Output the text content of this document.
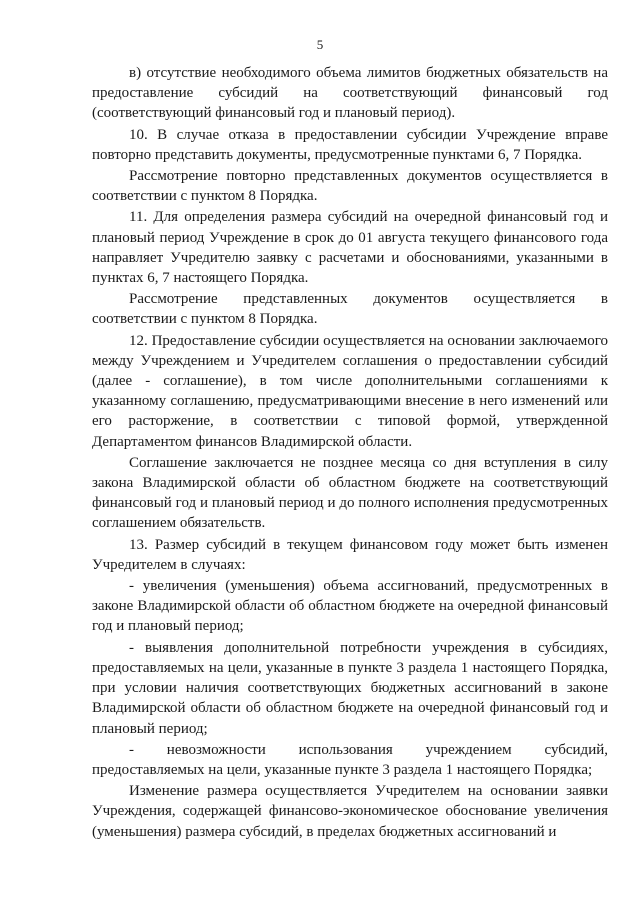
5

в) отсутствие необходимого объема лимитов бюджетных обязательств на предоставление субсидий на соответствующий финансовый год (соответствующий финансовый год и плановый период).

10. В случае отказа в предоставлении субсидии Учреждение вправе повторно представить документы, предусмотренные пунктами 6, 7 Порядка.

Рассмотрение повторно представленных документов осуществляется в соответствии с пунктом 8 Порядка.

11. Для определения размера субсидий на очередной финансовый год и плановый период Учреждение в срок до 01 августа текущего финансового года направляет Учредителю заявку с расчетами и обоснованиями, указанными в пунктах 6, 7 настоящего Порядка.

Рассмотрение представленных документов осуществляется в соответствии с пунктом 8 Порядка.

12. Предоставление субсидии осуществляется на основании заключаемого между Учреждением и Учредителем соглашения о предоставлении субсидий (далее - соглашение), в том числе дополнительными соглашениями к указанному соглашению, предусматривающими внесение в него изменений или его расторжение, в соответствии с типовой формой, утвержденной Департаментом финансов Владимирской области.

Соглашение заключается не позднее месяца со дня вступления в силу закона Владимирской области об областном бюджете на соответствующий финансовый год и плановый период и до полного исполнения предусмотренных соглашением обязательств.

13. Размер субсидий в текущем финансовом году может быть изменен Учредителем в случаях:

- увеличения (уменьшения) объема ассигнований, предусмотренных в законе Владимирской области об областном бюджете на очередной финансовый год и плановый период;

- выявления дополнительной потребности учреждения в субсидиях, предоставляемых на цели, указанные в пункте 3 раздела 1 настоящего Порядка, при условии наличия соответствующих бюджетных ассигнований в законе Владимирской области об областном бюджете на очередной финансовый год и плановый период;

- невозможности использования учреждением субсидий, предоставляемых на цели, указанные пункте 3 раздела 1 настоящего Порядка;

Изменение размера осуществляется Учредителем на основании заявки Учреждения, содержащей финансово-экономическое обоснование увеличения (уменьшения) размера субсидий, в пределах бюджетных ассигнований и
